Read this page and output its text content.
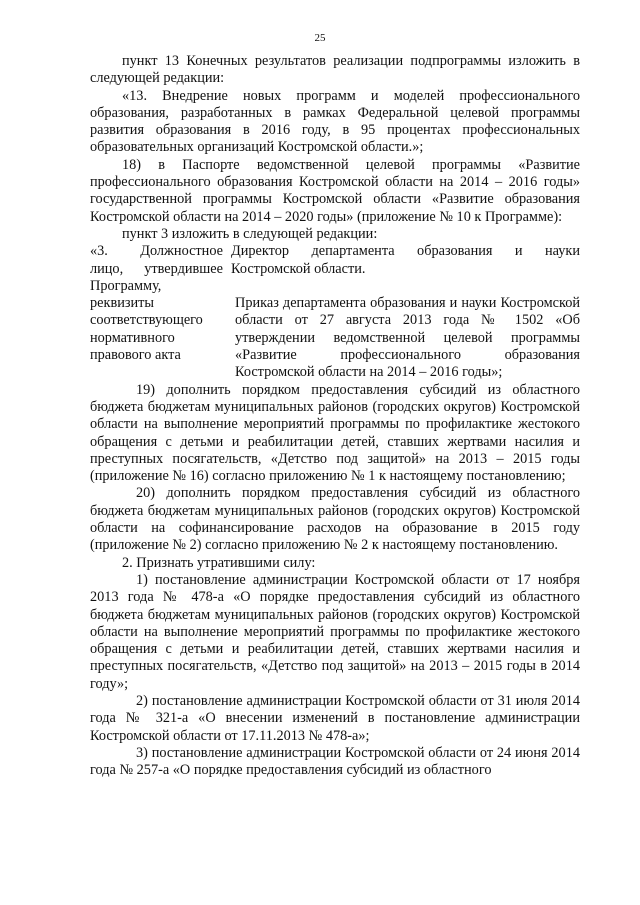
25

пункт 13 Конечных результатов реализации подпрограммы изложить в следующей редакции:

«13. Внедрение новых программ и моделей профессионального образования, разработанных в рамках Федеральной целевой программы развития образования в 2016 году, в 95 процентах профессиональных образовательных организаций Костромской области.»;

18) в Паспорте ведомственной целевой программы «Развитие профессионального образования Костромской области на 2014 – 2016 годы» государственной программы Костромской области «Развитие образования Костромской области на 2014 – 2020 годы» (приложение № 10 к Программе):

пункт 3 изложить в следующей редакции:

«3. Должностное лицо, утвердившее Программу,
Директор департамента образования и науки Костромской области.
реквизиты соответствующего нормативного правового акта
Приказ департамента образования и науки Костромской области от 27 августа 2013 года № 1502 «Об утверждении ведомственной целевой программы «Развитие профессионального образования Костромской области на 2014 – 2016 годы»;

19) дополнить порядком предоставления субсидий из областного бюджета бюджетам муниципальных районов (городских округов) Костромской области на выполнение мероприятий программы по профилактике жестокого обращения с детьми и реабилитации детей, ставших жертвами насилия и преступных посягательств, «Детство под защитой» на 2013 – 2015 годы (приложение № 16) согласно приложению № 1 к настоящему постановлению;

20) дополнить порядком предоставления субсидий из областного бюджета бюджетам муниципальных районов (городских округов) Костромской области на софинансирование расходов на образование в 2015 году (приложение № 2) согласно приложению № 2 к настоящему постановлению.

2. Признать утратившими силу:

1) постановление администрации Костромской области от 17 ноября 2013 года № 478-а «О порядке предоставления субсидий из областного бюджета бюджетам муниципальных районов (городских округов) Костромской области на выполнение мероприятий программы по профилактике жестокого обращения с детьми и реабилитации детей, ставших жертвами насилия и преступных посягательств, «Детство под защитой» на 2013 – 2015 годы в 2014 году»;

2) постановление администрации Костромской области от 31 июля 2014 года № 321-а «О внесении изменений в постановление администрации Костромской области от 17.11.2013 № 478-а»;

3) постановление администрации Костромской области от 24 июня 2014 года № 257-а «О порядке предоставления субсидий из областного
